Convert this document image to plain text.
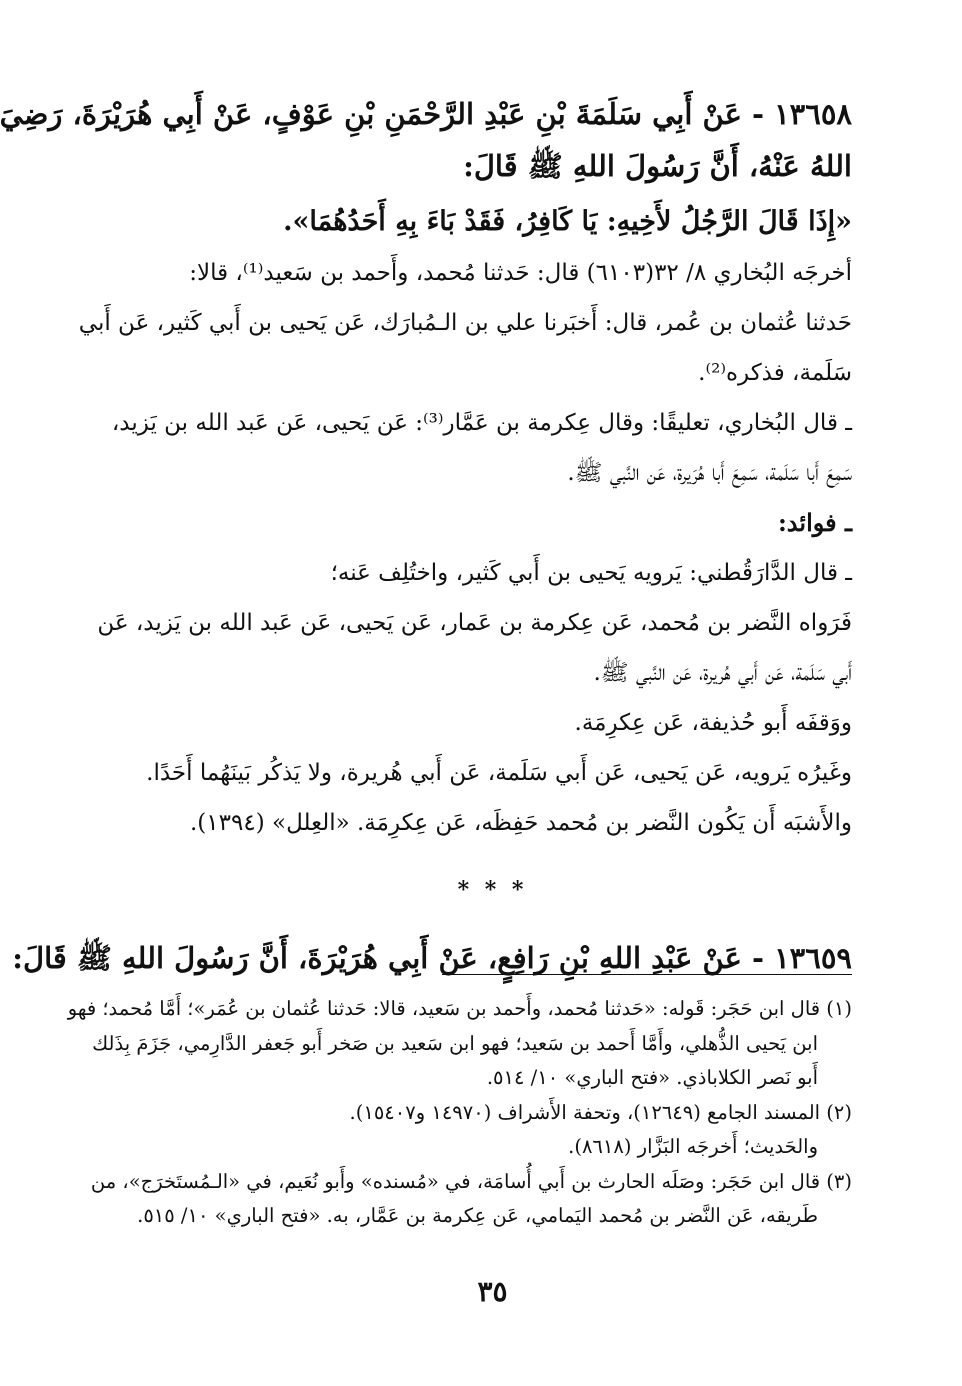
١٣٦٥٨ - عَنْ أَبِي سَلَمَةَ بْنِ عَبْدِ الرَّحْمَنِ بْنِ عَوْفٍ، عَنْ أَبِي هُرَيْرَةَ، رَضِيَ

اللهُ عَنْهُ، أَنَّ رَسُولَ اللهِ ﷺ قَالَ:

«إِذَا قَالَ الرَّجُلُ لأَخِيهِ: يَا كَافِرُ، فَقَدْ بَاءَ بِهِ أَحَدُهُمَا».

أخرجَه البُخاري ٨/ ٣٢(٦١٠٣) قال: حَدثنا مُحمد، وأَحمد بن سَعيد⁽¹⁾، قالا:

حَدثنا عُثمان بن عُمر، قال: أَخبَرنا علي بن الـمُبارَك، عَن يَحيى بن أَبي كَثير، عَن أَبي

سَلَمة، فذكره⁽²⁾.

ـ قال البُخاري، تعليقًا: وقال عِكرمة بن عَمَّار⁽³⁾: عَن يَحيى، عَن عَبد الله بن يَزيد،

سَمِعَ أَبا سَلَمة، سَمِعَ أَبا هُرَيرة، عَن النَّبي ﷺ.

ـ فوائد:

ـ قال الدَّارَقُطني: يَرويه يَحيى بن أَبي كَثير، واختُلِف عَنه؛

فَرَواه النَّضر بن مُحمد، عَن عِكرمة بن عَمار، عَن يَحيى، عَن عَبد الله بن يَزيد، عَن

أَبي سَلَمة، عَن أَبي هُريرة، عَن النَّبي ﷺ.

ووَقفَه أَبو حُذيفة، عَن عِكرِمَة.

وغَيرُه يَرويه، عَن يَحيى، عَن أَبي سَلَمة، عَن أَبي هُريرة، ولا يَذكُر بَينَهُما أَحَدًا.

والأَشبَه أَن يَكُون النَّضر بن مُحمد حَفِظَه، عَن عِكرِمَة. «العِلل» (١٣٩٤).

* * *

١٣٦٥٩ - عَنْ عَبْدِ اللهِ بْنِ رَافِعٍ، عَنْ أَبِي هُرَيْرَةَ، أَنَّ رَسُولَ اللهِ ﷺ قَالَ:

(١) قال ابن حَجَر: قَوله: «حَدثنا مُحمد، وأَحمد بن سَعيد، قالا: حَدثنا عُثمان بن عُمَر»؛ أَمَّا مُحمد؛ فهو

ابن يَحيى الذُّهلي، وأَمَّا أَحمد بن سَعيد؛ فهو ابن سَعيد بن صَخر أَبو جَعفر الدَّارِمي، جَزَمَ بِذَلك

أَبو نَصر الكلاباذي. «فتح الباري» ١٠/ ٥١٤.

(٢) المسند الجامع (١٢٦٤٩)، وتحفة الأَشراف (١٤٩٧٠ و١٥٤٠٧).

والحَديث؛ أَخرجَه البَزَّار (٨٦١٨).

(٣) قال ابن حَجَر: وصَلَه الحارث بن أَبي أُسامَة، في «مُسنده» وأَبو نُعَيم، في «الـمُستَخرَج»، من

طَريقه، عَن النَّضر بن مُحمد اليَمامي، عَن عِكرمة بن عَمَّار، به. «فتح الباري» ١٠/ ٥١٥.

٣٥
